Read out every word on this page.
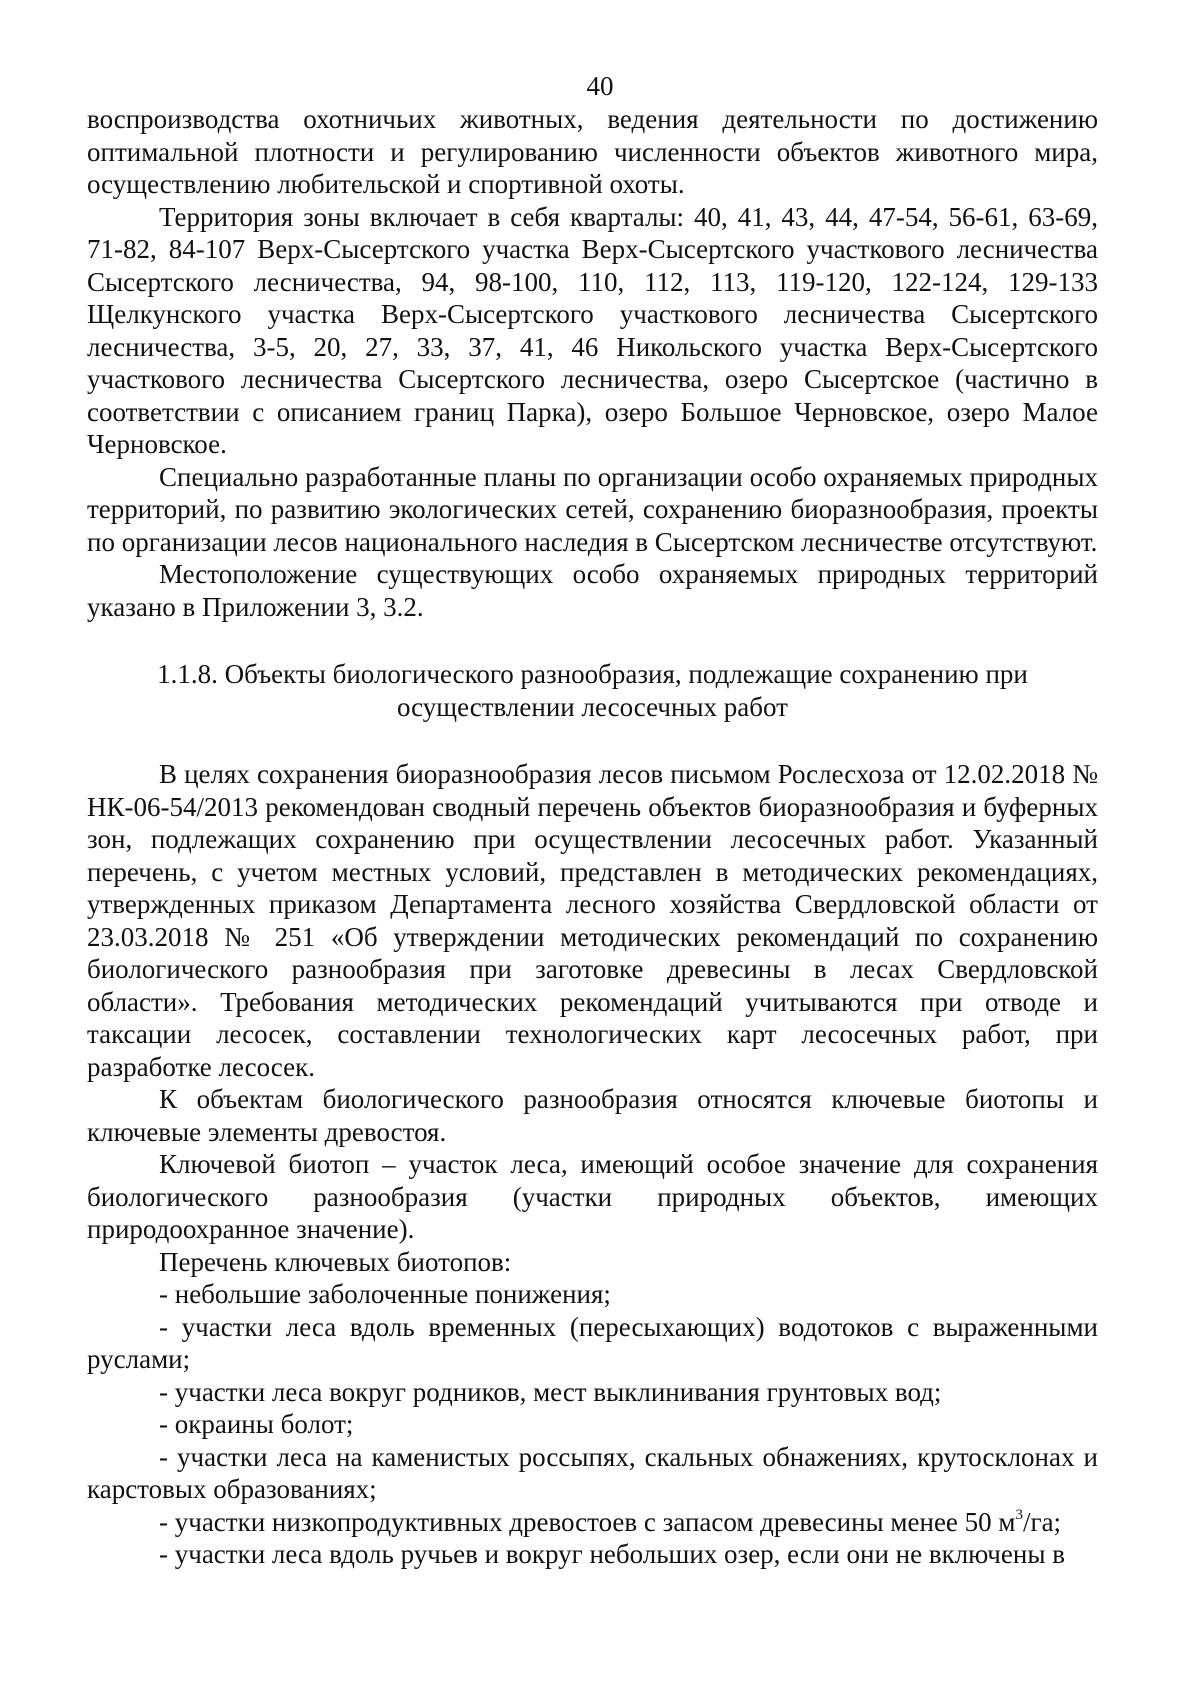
40

воспроизводства охотничьих животных, ведения деятельности по достижению оптимальной плотности и регулированию численности объектов животного мира, осуществлению любительской и спортивной охоты.

Территория зоны включает в себя кварталы: 40, 41, 43, 44, 47-54, 56-61, 63-69, 71-82, 84-107 Верх-Сысертского участка Верх-Сысертского участкового лесничества Сысертского лесничества, 94, 98-100, 110, 112, 113, 119-120, 122-124, 129-133 Щелкунского участка Верх-Сысертского участкового лесничества Сысертского лесничества, 3-5, 20, 27, 33, 37, 41, 46 Никольского участка Верх-Сысертского участкового лесничества Сысертского лесничества, озеро Сысертское (частично в соответствии с описанием границ Парка), озеро Большое Черновское, озеро Малое Черновское.

Специально разработанные планы по организации особо охраняемых природных территорий, по развитию экологических сетей, сохранению биоразнообразия, проекты по организации лесов национального наследия в Сысертском лесничестве отсутствуют.

Местоположение существующих особо охраняемых природных территорий указано в Приложении 3, 3.2.

1.1.8. Объекты биологического разнообразия, подлежащие сохранению при
осуществлении лесосечных работ

В целях сохранения биоразнообразия лесов письмом Рослесхоза от 12.02.2018 № НК-06-54/2013 рекомендован сводный перечень объектов биоразнообразия и буферных зон, подлежащих сохранению при осуществлении лесосечных работ. Указанный перечень, с учетом местных условий, представлен в методических рекомендациях, утвержденных приказом Департамента лесного хозяйства Свердловской области от 23.03.2018 № 251 «Об утверждении методических рекомендаций по сохранению биологического разнообразия при заготовке древесины в лесах Свердловской области». Требования методических рекомендаций учитываются при отводе и таксации лесосек, составлении технологических карт лесосечных работ, при разработке лесосек.

К объектам биологического разнообразия относятся ключевые биотопы и ключевые элементы древостоя.

Ключевой биотоп – участок леса, имеющий особое значение для сохранения биологического разнообразия (участки природных объектов, имеющих природоохранное значение).

Перечень ключевых биотопов:

- небольшие заболоченные понижения;

- участки леса вдоль временных (пересыхающих) водотоков с выраженными руслами;

- участки леса вокруг родников, мест выклинивания грунтовых вод;

- окраины болот;

- участки леса на каменистых россыпях, скальных обнажениях, крутосклонах и карстовых образованиях;

- участки низкопродуктивных древостоев с запасом древесины менее 50 $м^3/га$;

- участки леса вдоль ручьев и вокруг небольших озер, если они не включены в
